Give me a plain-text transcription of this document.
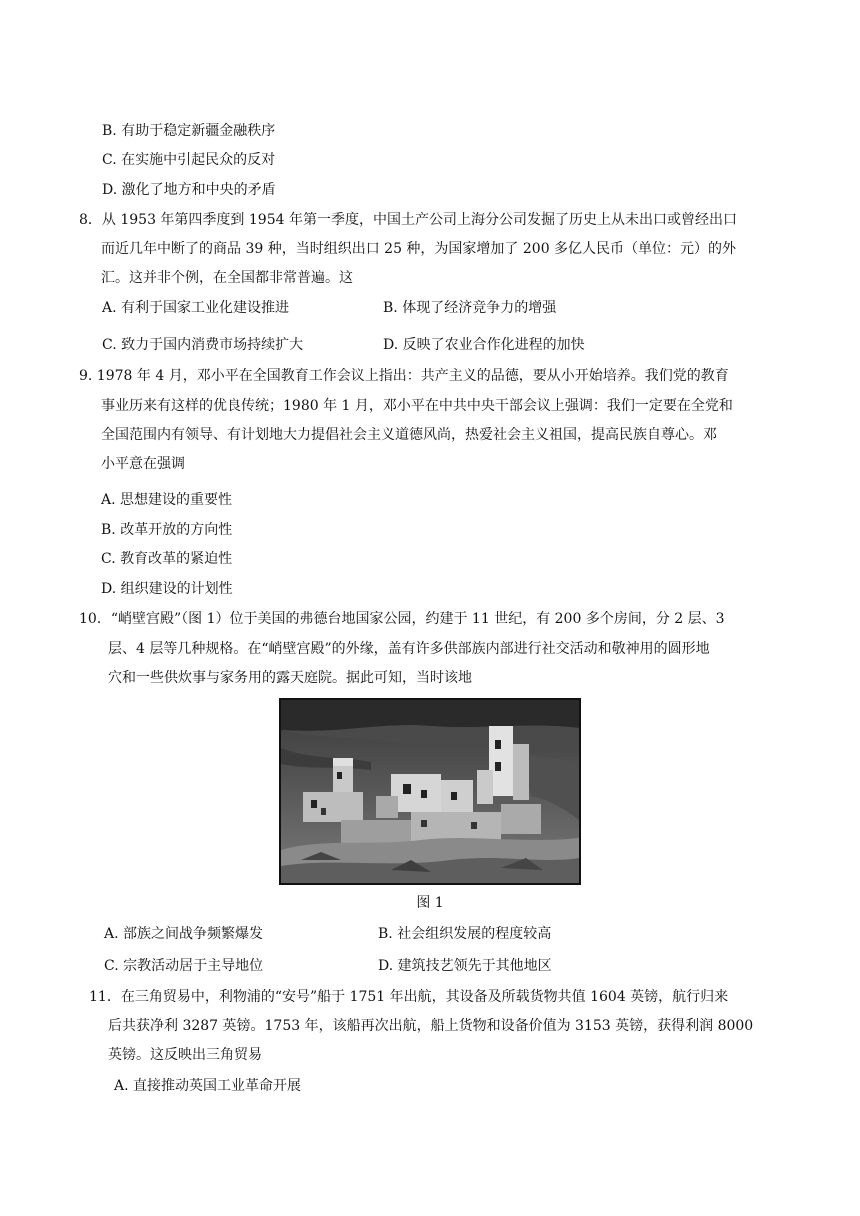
B. 有助于稳定新疆金融秩序
C. 在实施中引起民众的反对
D. 激化了地方和中央的矛盾
8．从 1953 年第四季度到 1954 年第一季度，中国土产公司上海分公司发掘了历史上从未出口或曾经出口
而近几年中断了的商品 39 种，当时组织出口 25 种，为国家增加了 200 多亿人民币（单位：元）的外
汇。这并非个例，在全国都非常普遍。这
A. 有利于国家工业化建设推进	B. 体现了经济竞争力的增强
C. 致力于国内消费市场持续扩大	D. 反映了农业合作化进程的加快
9. 1978 年 4 月，邓小平在全国教育工作会议上指出：共产主义的品德，要从小开始培养。我们党的教育
事业历来有这样的优良传统；1980 年 1 月，邓小平在中共中央干部会议上强调：我们一定要在全党和
全国范围内有领导、有计划地大力提倡社会主义道德风尚，热爱社会主义祖国，提高民族自尊心。邓
小平意在强调
A. 思想建设的重要性
B. 改革开放的方向性
C. 教育改革的紧迫性
D. 组织建设的计划性
10．“峭壁宫殿”（图 1）位于美国的弗德台地国家公园，约建于 11 世纪，有 200 多个房间，分 2 层、3
层、4 层等几种规格。在“峭壁宫殿”的外缘，盖有许多供部族内部进行社交活动和敬神用的圆形地
穴和一些供炊事与家务用的露天庭院。据此可知，当时该地
图 1
A. 部族之间战争频繁爆发	B. 社会组织发展的程度较高
C. 宗教活动居于主导地位	D. 建筑技艺领先于其他地区
11．在三角贸易中，利物浦的“安号”船于 1751 年出航，其设备及所载货物共值 1604 英镑，航行归来
后共获净利 3287 英镑。1753 年，该船再次出航，船上货物和设备价值为 3153 英镑，获得利润 8000
英镑。这反映出三角贸易
A. 直接推动英国工业革命开展
